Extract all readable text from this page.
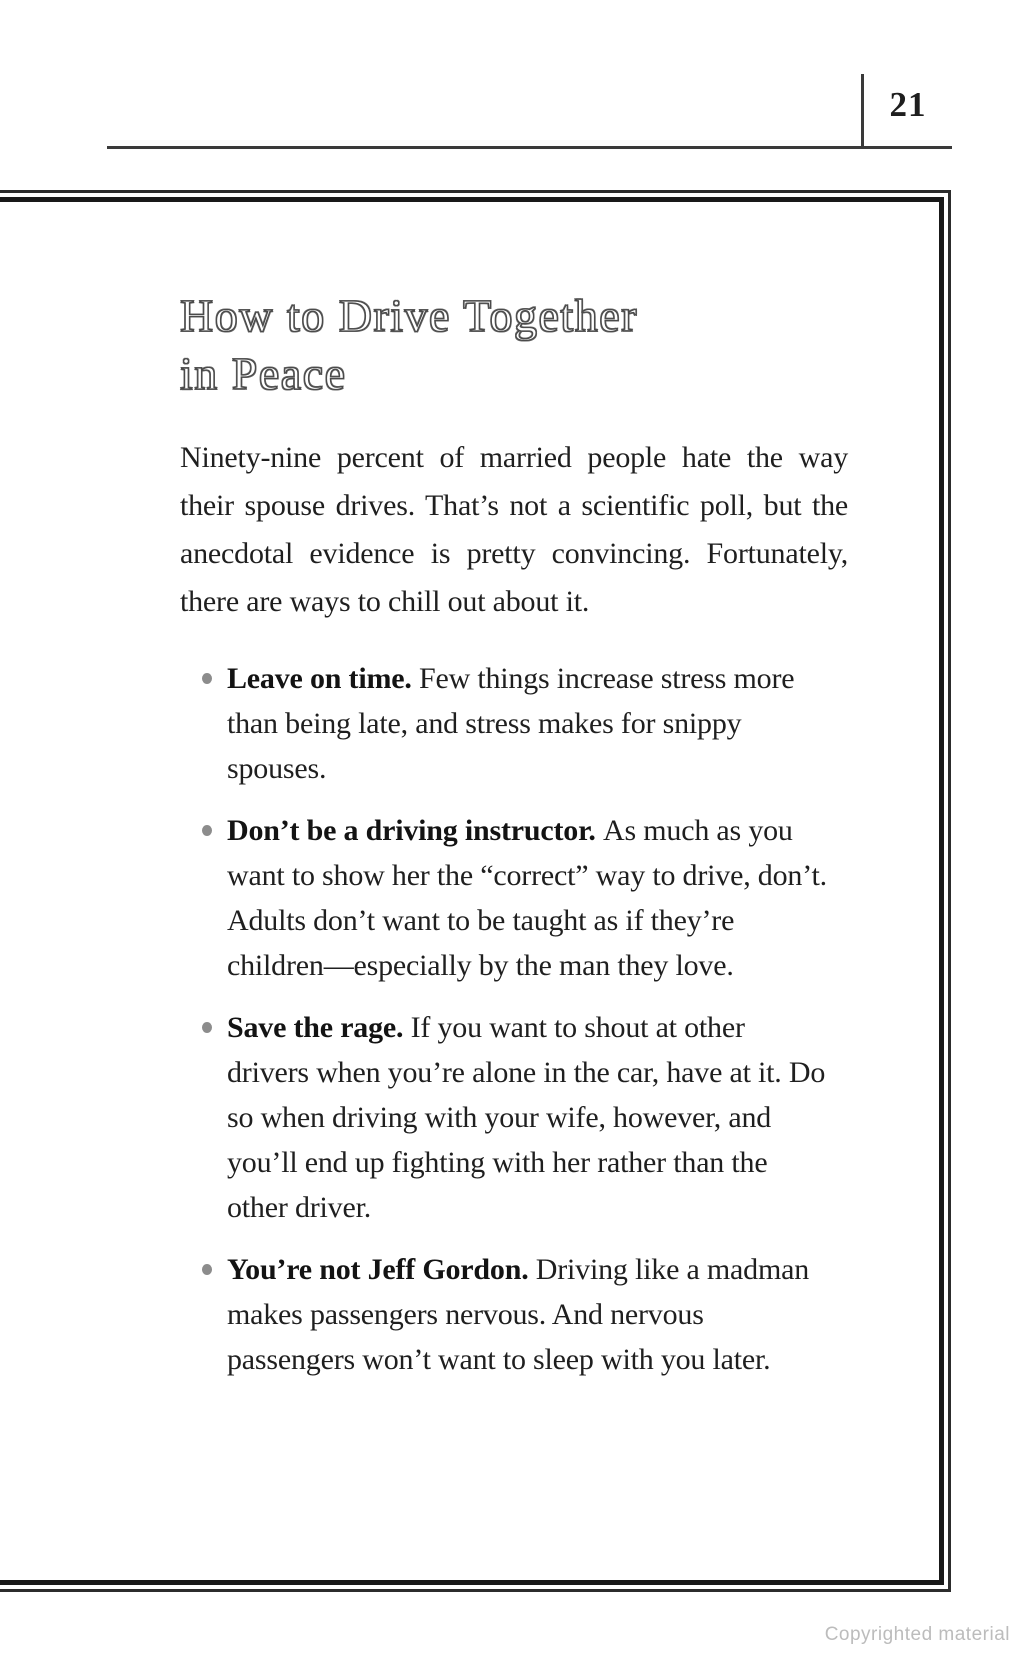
21
How to Drive Together
in Peace

Ninety-nine percent of married people hate the way their spouse drives. That’s not a scientific poll, but the anecdotal evidence is pretty convincing. Fortunately, there are ways to chill out about it.

Leave on time. Few things increase stress more than being late, and stress makes for snippy spouses.
Don’t be a driving instructor. As much as you want to show her the “correct” way to drive, don’t. Adults don’t want to be taught as if they’re children—especially by the man they love.
Save the rage. If you want to shout at other drivers when you’re alone in the car, have at it. Do so when driving with your wife, however, and you’ll end up fighting with her rather than the other driver.
You’re not Jeff Gordon. Driving like a madman makes passengers nervous. And nervous passengers won’t want to sleep with you later.
Copyrighted material
